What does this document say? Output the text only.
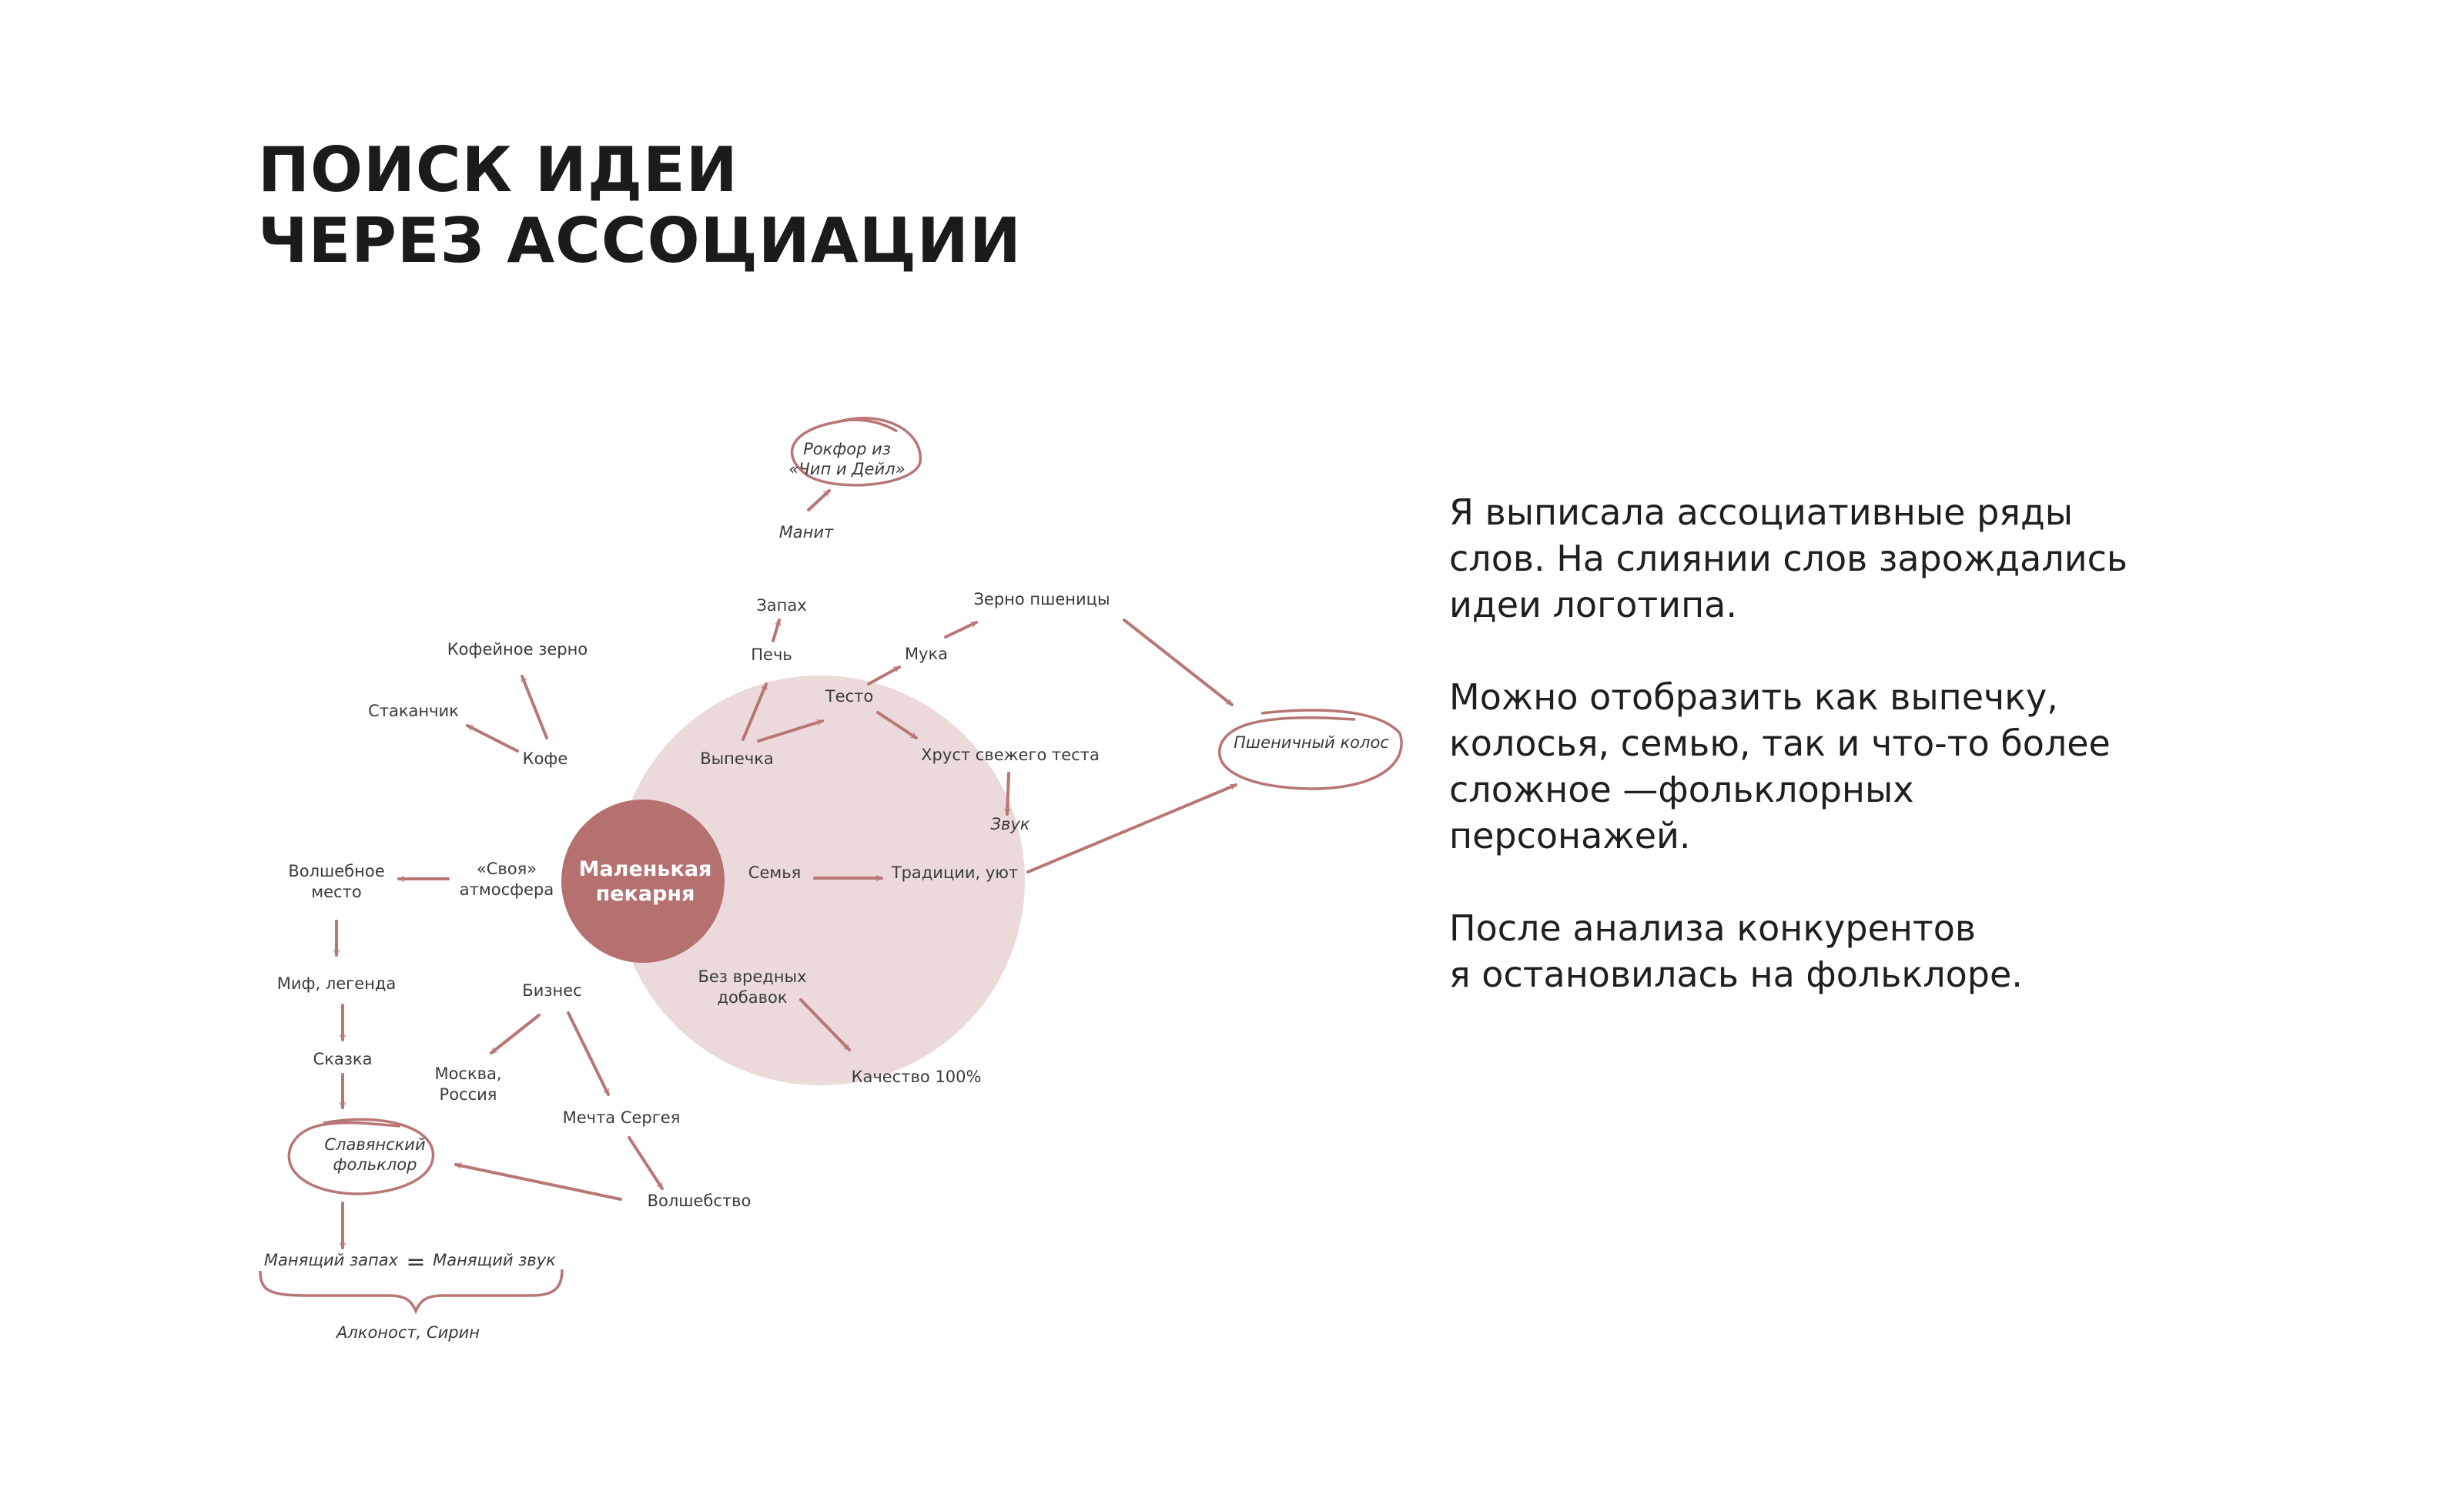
ПОИСК ИДЕИ
ЧЕРЕЗ АССОЦИАЦИИ
Я выписала ассоциативные ряды
слов. На слиянии слов зарождались
идеи логотипа.
Можно отобразить как выпечку,
колосья, семью, так и что-то более
сложное —фольклорных
персонажей.
После анализа конкурентов
я остановилась на фольклоре.
Маленькая
пекарня
Кофе	Выпечка
«Своя»
атмосфера
Семья
Бизнес
Без вредных
добавок
Кофейное зерно
Стаканчик
Печь
Запах
Манит
Рокфор из
«Чип и Дейл»
Тесто
Мука
Зерно пшеницы
Хруст свежего теста
Звук
Пшеничный колос
Традиции, уют
Волшебное
место
Миф, легенда
Сказка
Славянский
фольклор
Манящий запах = Манящий звук
Алконост, Сирин
Москва,
Россия
Мечта Сергея
Волшебство
Качество 100%
